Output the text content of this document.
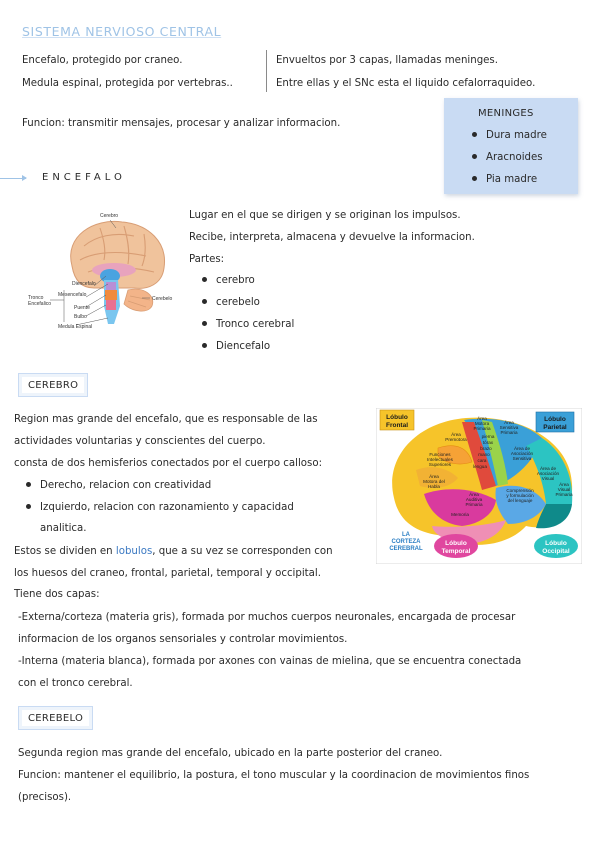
SISTEMA NERVIOSO CENTRAL
Encefalo, protegido por craneo.
Medula espinal, protegida por vertebras..
Envueltos por 3 capas, llamadas meninges.
Entre ellas y el SNc esta el liquido cefalorraquideo.
Funcion: transmitir mensajes, procesar y analizar informacion.
MENINGES
Dura madre
Aracnoides
Pia madre
ENCEFALO
Cerebro
Diencefalo
Mesencefalo
Tronco
Encefalico
Puente
Bulbo
Medula Espinal
Cerebelo
Lugar en el que se dirigen y se originan los impulsos.
Recibe, interpreta, almacena y devuelve la informacion.
Partes:
cerebro
cerebelo
Tronco cerebral
Diencefalo
CEREBRO
Region mas grande del encefalo, que es responsable de las
actividades voluntarias y conscientes del cuerpo.
consta de dos hemisferios conectados por el cuerpo calloso:
Derecho, relacion con creatividad
Izquierdo, relacion con razonamiento y capacidad
analitica.
Estos se dividen en lobulos, que a su vez se corresponden con
los huesos del craneo, frontal, parietal, temporal y occipital.
Tiene dos capas:
-Externa/corteza (materia gris), formada por muchos cuerpos neuronales, encargada de procesar
informacion de los organos sensoriales y controlar movimientos.
-Interna (materia blanca), formada por axones con vainas de mielina, que se encuentra conectada
con el tronco cerebral.
Lóbulo
Frontal
Lóbulo
Parietal
Lóbulo
Temporal
Lóbulo
Occipital
LA
CORTEZA
CEREBRAL
Área
Premotora
Área
Motora
Primaria
Área
Sensitiva
Primaria
Funciones
Intelectuales
Superiores
Área
Motora del
Habla
Área de
Asociación
Sensitiva
pierna
tórax
brazo
mano
cara
lengua
Comprensión
y formulación
del lenguaje
Área de
Asociación
Visual
Área
Visual
Primaria
Área
Auditiva
Primaria
Memoria
CEREBELO
Segunda region mas grande del encefalo, ubicado en la parte posterior del craneo.
Funcion: mantener el equilibrio, la postura, el tono muscular y la coordinacion de movimientos finos
(precisos).
